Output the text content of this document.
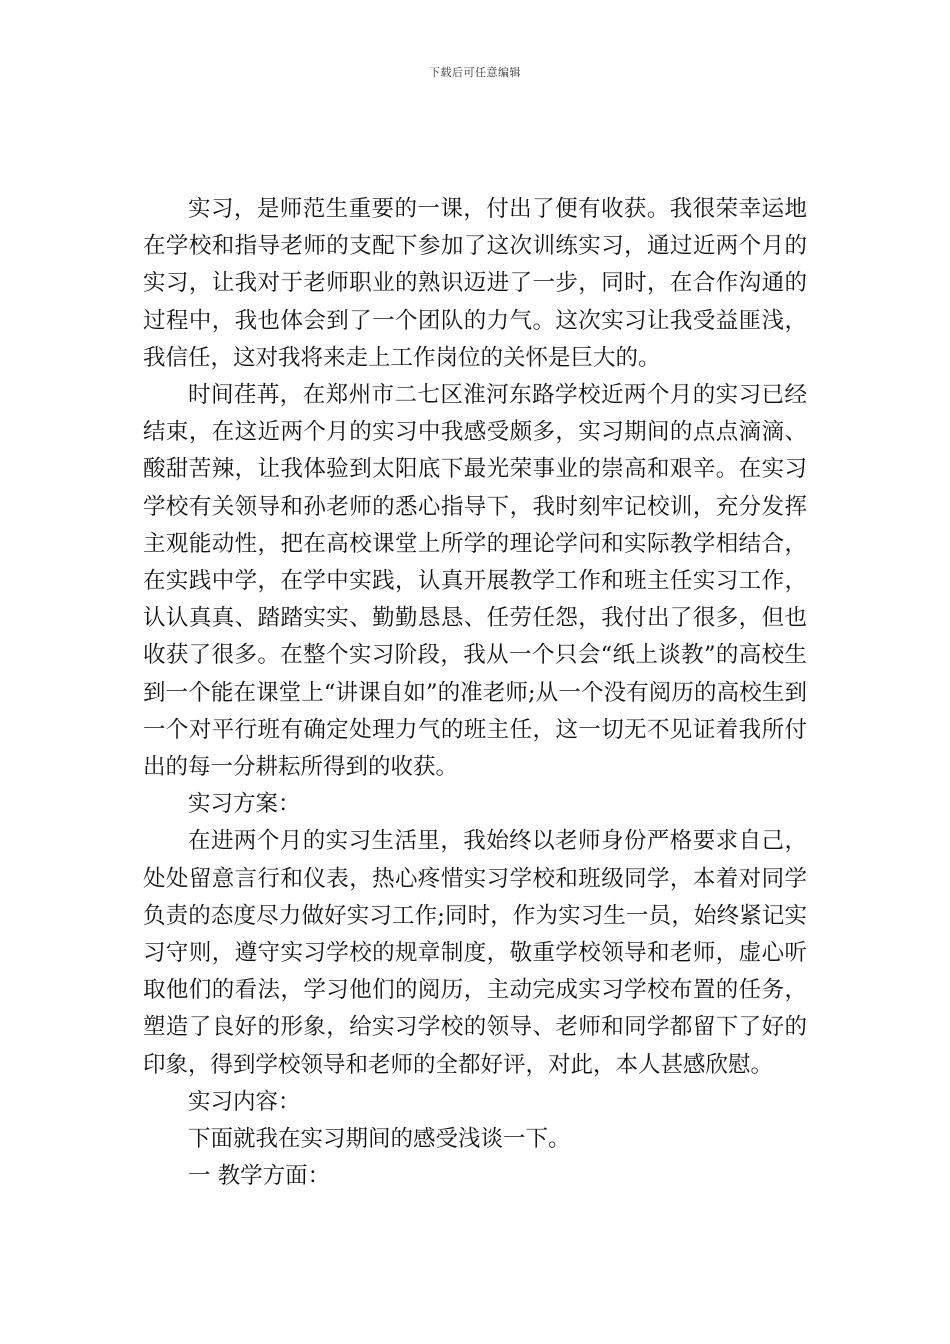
下载后可任意编辑

实习，是师范生重要的一课，付出了便有收获。我很荣幸运地在学校和指导老师的支配下参加了这次训练实习，通过近两个月的实习，让我对于老师职业的熟识迈进了一步，同时，在合作沟通的过程中，我也体会到了一个团队的力气。这次实习让我受益匪浅，我信任，这对我将来走上工作岗位的关怀是巨大的。

时间荏苒，在郑州市二七区淮河东路学校近两个月的实习已经结束，在这近两个月的实习中我感受颇多，实习期间的点点滴滴、酸甜苦辣，让我体验到太阳底下最光荣事业的崇高和艰辛。在实习学校有关领导和孙老师的悉心指导下，我时刻牢记校训，充分发挥主观能动性，把在高校课堂上所学的理论学问和实际教学相结合，在实践中学，在学中实践，认真开展教学工作和班主任实习工作，认认真真、踏踏实实、勤勤恳恳、任劳任怨，我付出了很多，但也收获了很多。在整个实习阶段，我从一个只会“纸上谈教”的高校生到一个能在课堂上“讲课自如”的准老师;从一个没有阅历的高校生到一个对平行班有确定处理力气的班主任，这一切无不见证着我所付出的每一分耕耘所得到的收获。

实习方案：

在进两个月的实习生活里，我始终以老师身份严格要求自己，处处留意言行和仪表，热心疼惜实习学校和班级同学，本着对同学负责的态度尽力做好实习工作;同时，作为实习生一员，始终紧记实习守则，遵守实习学校的规章制度，敬重学校领导和老师，虚心听取他们的看法，学习他们的阅历，主动完成实习学校布置的任务，塑造了良好的形象，给实习学校的领导、老师和同学都留下了好的印象，得到学校领导和老师的全都好评，对此，本人甚感欣慰。

实习内容：

下面就我在实习期间的感受浅谈一下。

一 教学方面：
